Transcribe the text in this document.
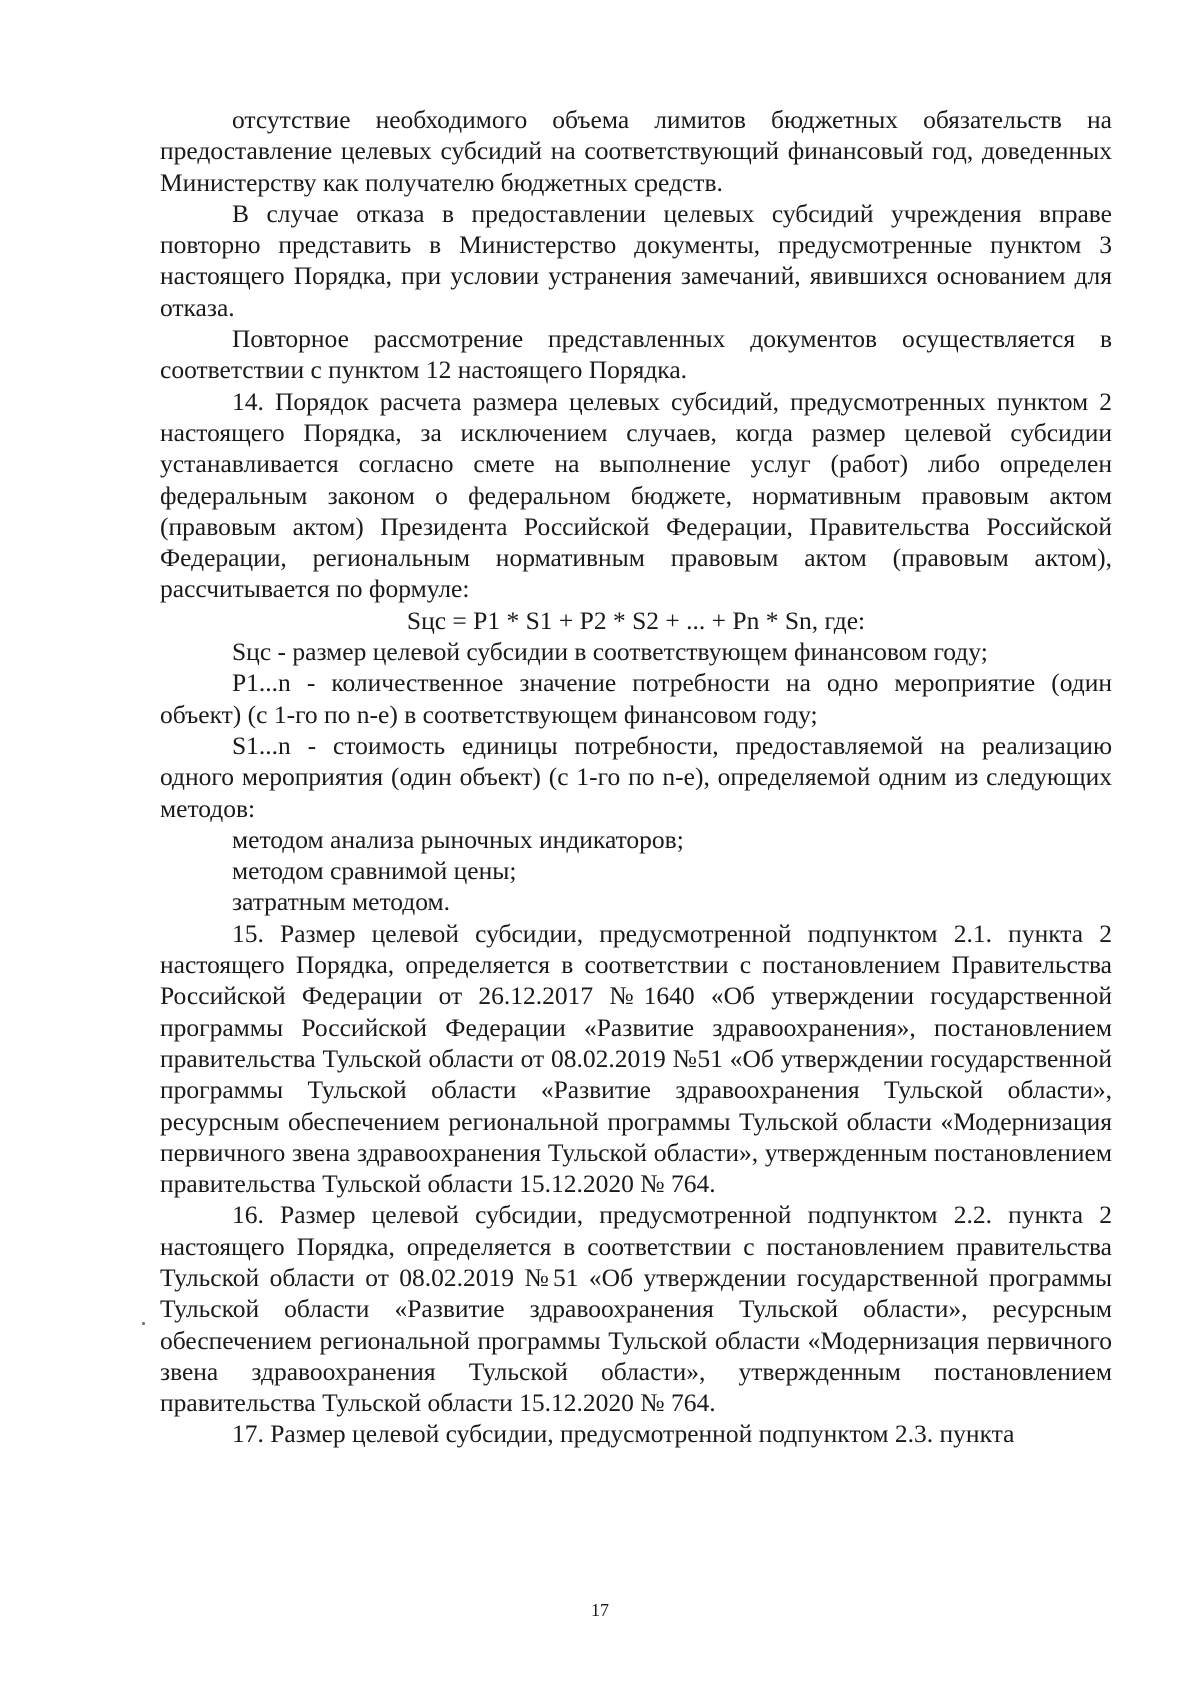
отсутствие необходимого объема лимитов бюджетных обязательств на предоставление целевых субсидий на соответствующий финансовый год, доведенных Министерству как получателю бюджетных средств.

В случае отказа в предоставлении целевых субсидий учреждения вправе повторно представить в Министерство документы, предусмотренные пунктом 3 настоящего Порядка, при условии устранения замечаний, явившихся основанием для отказа.

Повторное рассмотрение представленных документов осуществляется в соответствии с пунктом 12 настоящего Порядка.

14. Порядок расчета размера целевых субсидий, предусмотренных пунктом 2 настоящего Порядка, за исключением случаев, когда размер целевой субсидии устанавливается согласно смете на выполнение услуг (работ) либо определен федеральным законом о федеральном бюджете, нормативным правовым актом (правовым актом) Президента Российской Федерации, Правительства Российской Федерации, региональным нормативным правовым актом (правовым актом), рассчитывается по формуле:

Sцс = P1 * S1 + P2 * S2 + ... + Pn * Sn, где:

Sцс - размер целевой субсидии в соответствующем финансовом году;

P1...n - количественное значение потребности на одно мероприятие (один объект) (с 1-го по n-е) в соответствующем финансовом году;

S1...n - стоимость единицы потребности, предоставляемой на реализацию одного мероприятия (один объект) (с 1-го по n-е), определяемой одним из следующих методов:

методом анализа рыночных индикаторов;

методом сравнимой цены;

затратным методом.

15. Размер целевой субсидии, предусмотренной подпунктом 2.1. пункта 2 настоящего Порядка, определяется в соответствии с постановлением Правительства Российской Федерации от 26.12.2017 №1640 «Об утверждении государственной программы Российской Федерации «Развитие здравоохранения», постановлением правительства Тульской области от 08.02.2019 №51 «Об утверждении государственной программы Тульской области «Развитие здравоохранения Тульской области», ресурсным обеспечением региональной программы Тульской области «Модернизация первичного звена здравоохранения Тульской области», утвержденным постановлением правительства Тульской области 15.12.2020 № 764.

16. Размер целевой субсидии, предусмотренной подпунктом 2.2. пункта 2 настоящего Порядка, определяется в соответствии с постановлением правительства Тульской области от 08.02.2019 №51 «Об утверждении государственной программы Тульской области «Развитие здравоохранения Тульской области», ресурсным обеспечением региональной программы Тульской области «Модернизация первичного звена здравоохранения Тульской области», утвержденным постановлением правительства Тульской области 15.12.2020 № 764.

17. Размер целевой субсидии, предусмотренной подпунктом 2.3. пункта

17
